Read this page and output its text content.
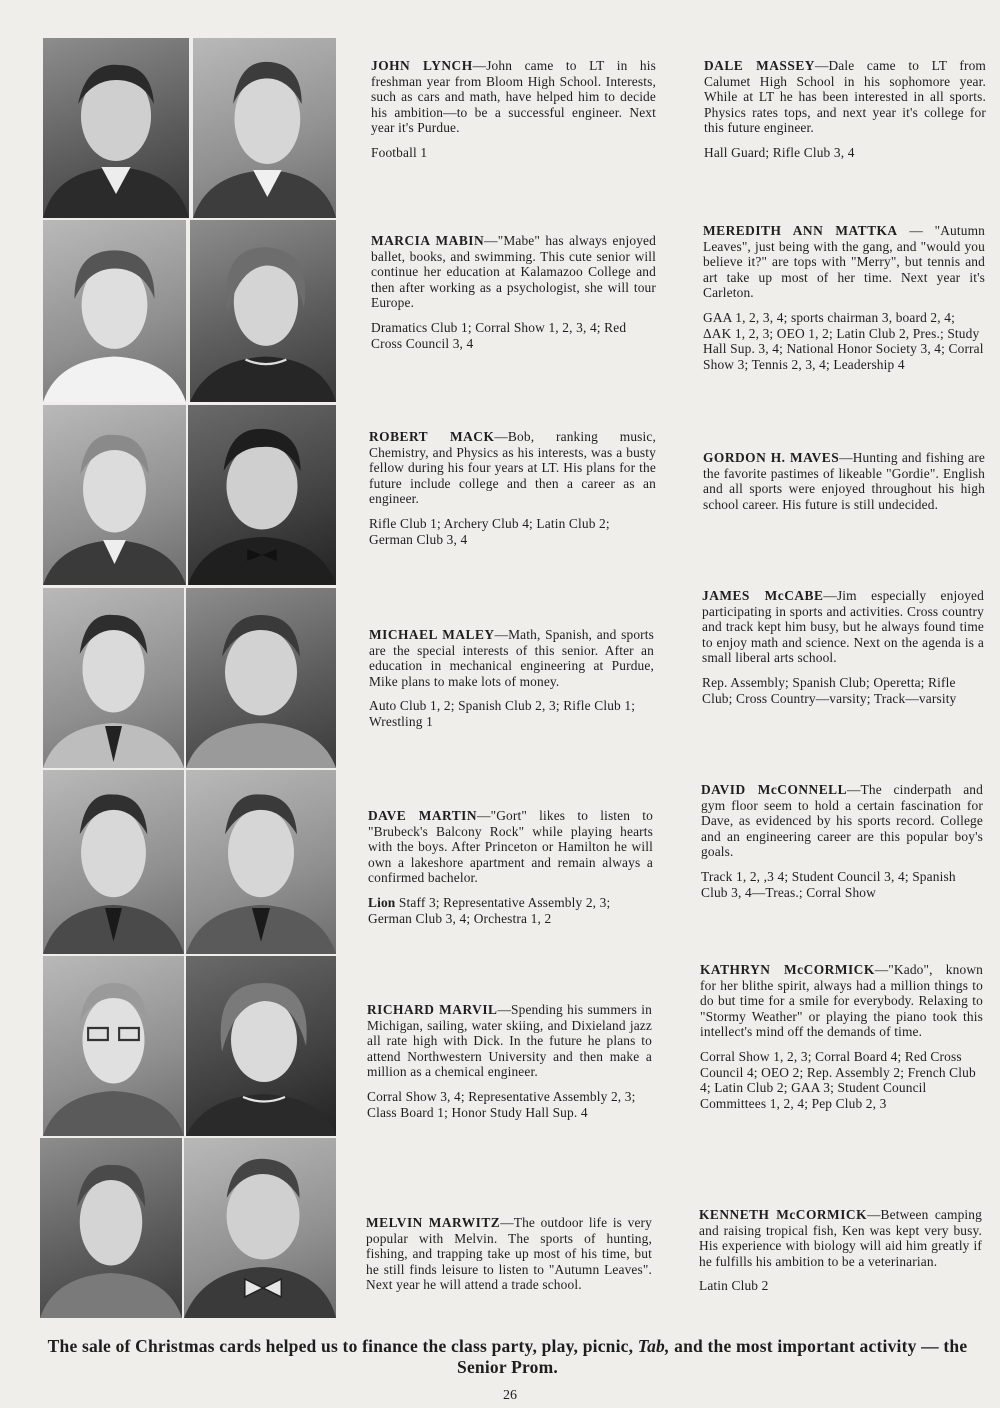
JOHN LYNCH—John came to LT in his freshman year from Bloom High School. Interests, such as cars and math, have helped him to decide his ambition—to be a successful engineer. Next year it's Purdue.

Football 1

MARCIA MABIN—"Mabe" has always enjoyed ballet, books, and swimming. This cute senior will continue her education at Kalamazoo College and then after working as a psychologist, she will tour Europe.

Dramatics Club 1; Corral Show 1, 2, 3, 4; Red Cross Council 3, 4

ROBERT MACK—Bob, ranking music, Chemistry, and Physics as his interests, was a busty fellow during his four years at LT. His plans for the future include college and then a career as an engineer.

Rifle Club 1; Archery Club 4; Latin Club 2; German Club 3, 4

MICHAEL MALEY—Math, Spanish, and sports are the special interests of this senior. After an education in mechanical engineering at Purdue, Mike plans to make lots of money.

Auto Club 1, 2; Spanish Club 2, 3; Rifle Club 1; Wrestling 1

DAVE MARTIN—"Gort" likes to listen to "Brubeck's Balcony Rock" while playing hearts with the boys. After Princeton or Hamilton he will own a lakeshore apartment and remain always a confirmed bachelor.

Lion Staff 3; Representative Assembly 2, 3; German Club 3, 4; Orchestra 1, 2

RICHARD MARVIL—Spending his summers in Michigan, sailing, water skiing, and Dixieland jazz all rate high with Dick. In the future he plans to attend Northwestern University and then make a million as a chemical engineer.

Corral Show 3, 4; Representative Assembly 2, 3; Class Board 1; Honor Study Hall Sup. 4

MELVIN MARWITZ—The outdoor life is very popular with Melvin. The sports of hunting, fishing, and trapping take up most of his time, but he still finds leisure to listen to "Autumn Leaves". Next year he will attend a trade school.

DALE MASSEY—Dale came to LT from Calumet High School in his sophomore year. While at LT he has been interested in all sports. Physics rates tops, and next year it's college for this future engineer.

Hall Guard; Rifle Club 3, 4

MEREDITH ANN MATTKA — "Autumn Leaves", just being with the gang, and "would you believe it?" are tops with "Merry", but tennis and art take up most of her time. Next year it's Carleton.

GAA 1, 2, 3, 4; sports chairman 3, board 2, 4; ΔΑΚ 1, 2, 3; OEO 1, 2; Latin Club 2, Pres.; Study Hall Sup. 3, 4; National Honor Society 3, 4; Corral Show 3; Tennis 2, 3, 4; Leadership 4

GORDON H. MAVES—Hunting and fishing are the favorite pastimes of likeable "Gordie". English and all sports were enjoyed throughout his high school career. His future is still undecided.

JAMES McCABE—Jim especially enjoyed participating in sports and activities. Cross country and track kept him busy, but he always found time to enjoy math and science. Next on the agenda is a small liberal arts school.

Rep. Assembly; Spanish Club; Operetta; Rifle Club; Cross Country—varsity; Track—varsity

DAVID McCONNELL—The cinderpath and gym floor seem to hold a certain fascination for Dave, as evidenced by his sports record. College and an engineering career are this popular boy's goals.

Track 1, 2, ,3 4; Student Council 3, 4; Spanish Club 3, 4—Treas.; Corral Show

KATHRYN McCORMICK—"Kado", known for her blithe spirit, always had a million things to do but time for a smile for everybody. Relaxing to "Stormy Weather" or playing the piano took this intellect's mind off the demands of time.

Corral Show 1, 2, 3; Corral Board 4; Red Cross Council 4; OEO 2; Rep. Assembly 2; French Club 4; Latin Club 2; GAA 3; Student Council Committees 1, 2, 4; Pep Club 2, 3

KENNETH McCORMICK—Between camping and raising tropical fish, Ken was kept very busy. His experience with biology will aid him greatly if he fulfills his ambition to be a veterinarian.

Latin Club 2

The sale of Christmas cards helped us to finance the class party, play, picnic, Tab, and the most important activity — the Senior Prom.
26
